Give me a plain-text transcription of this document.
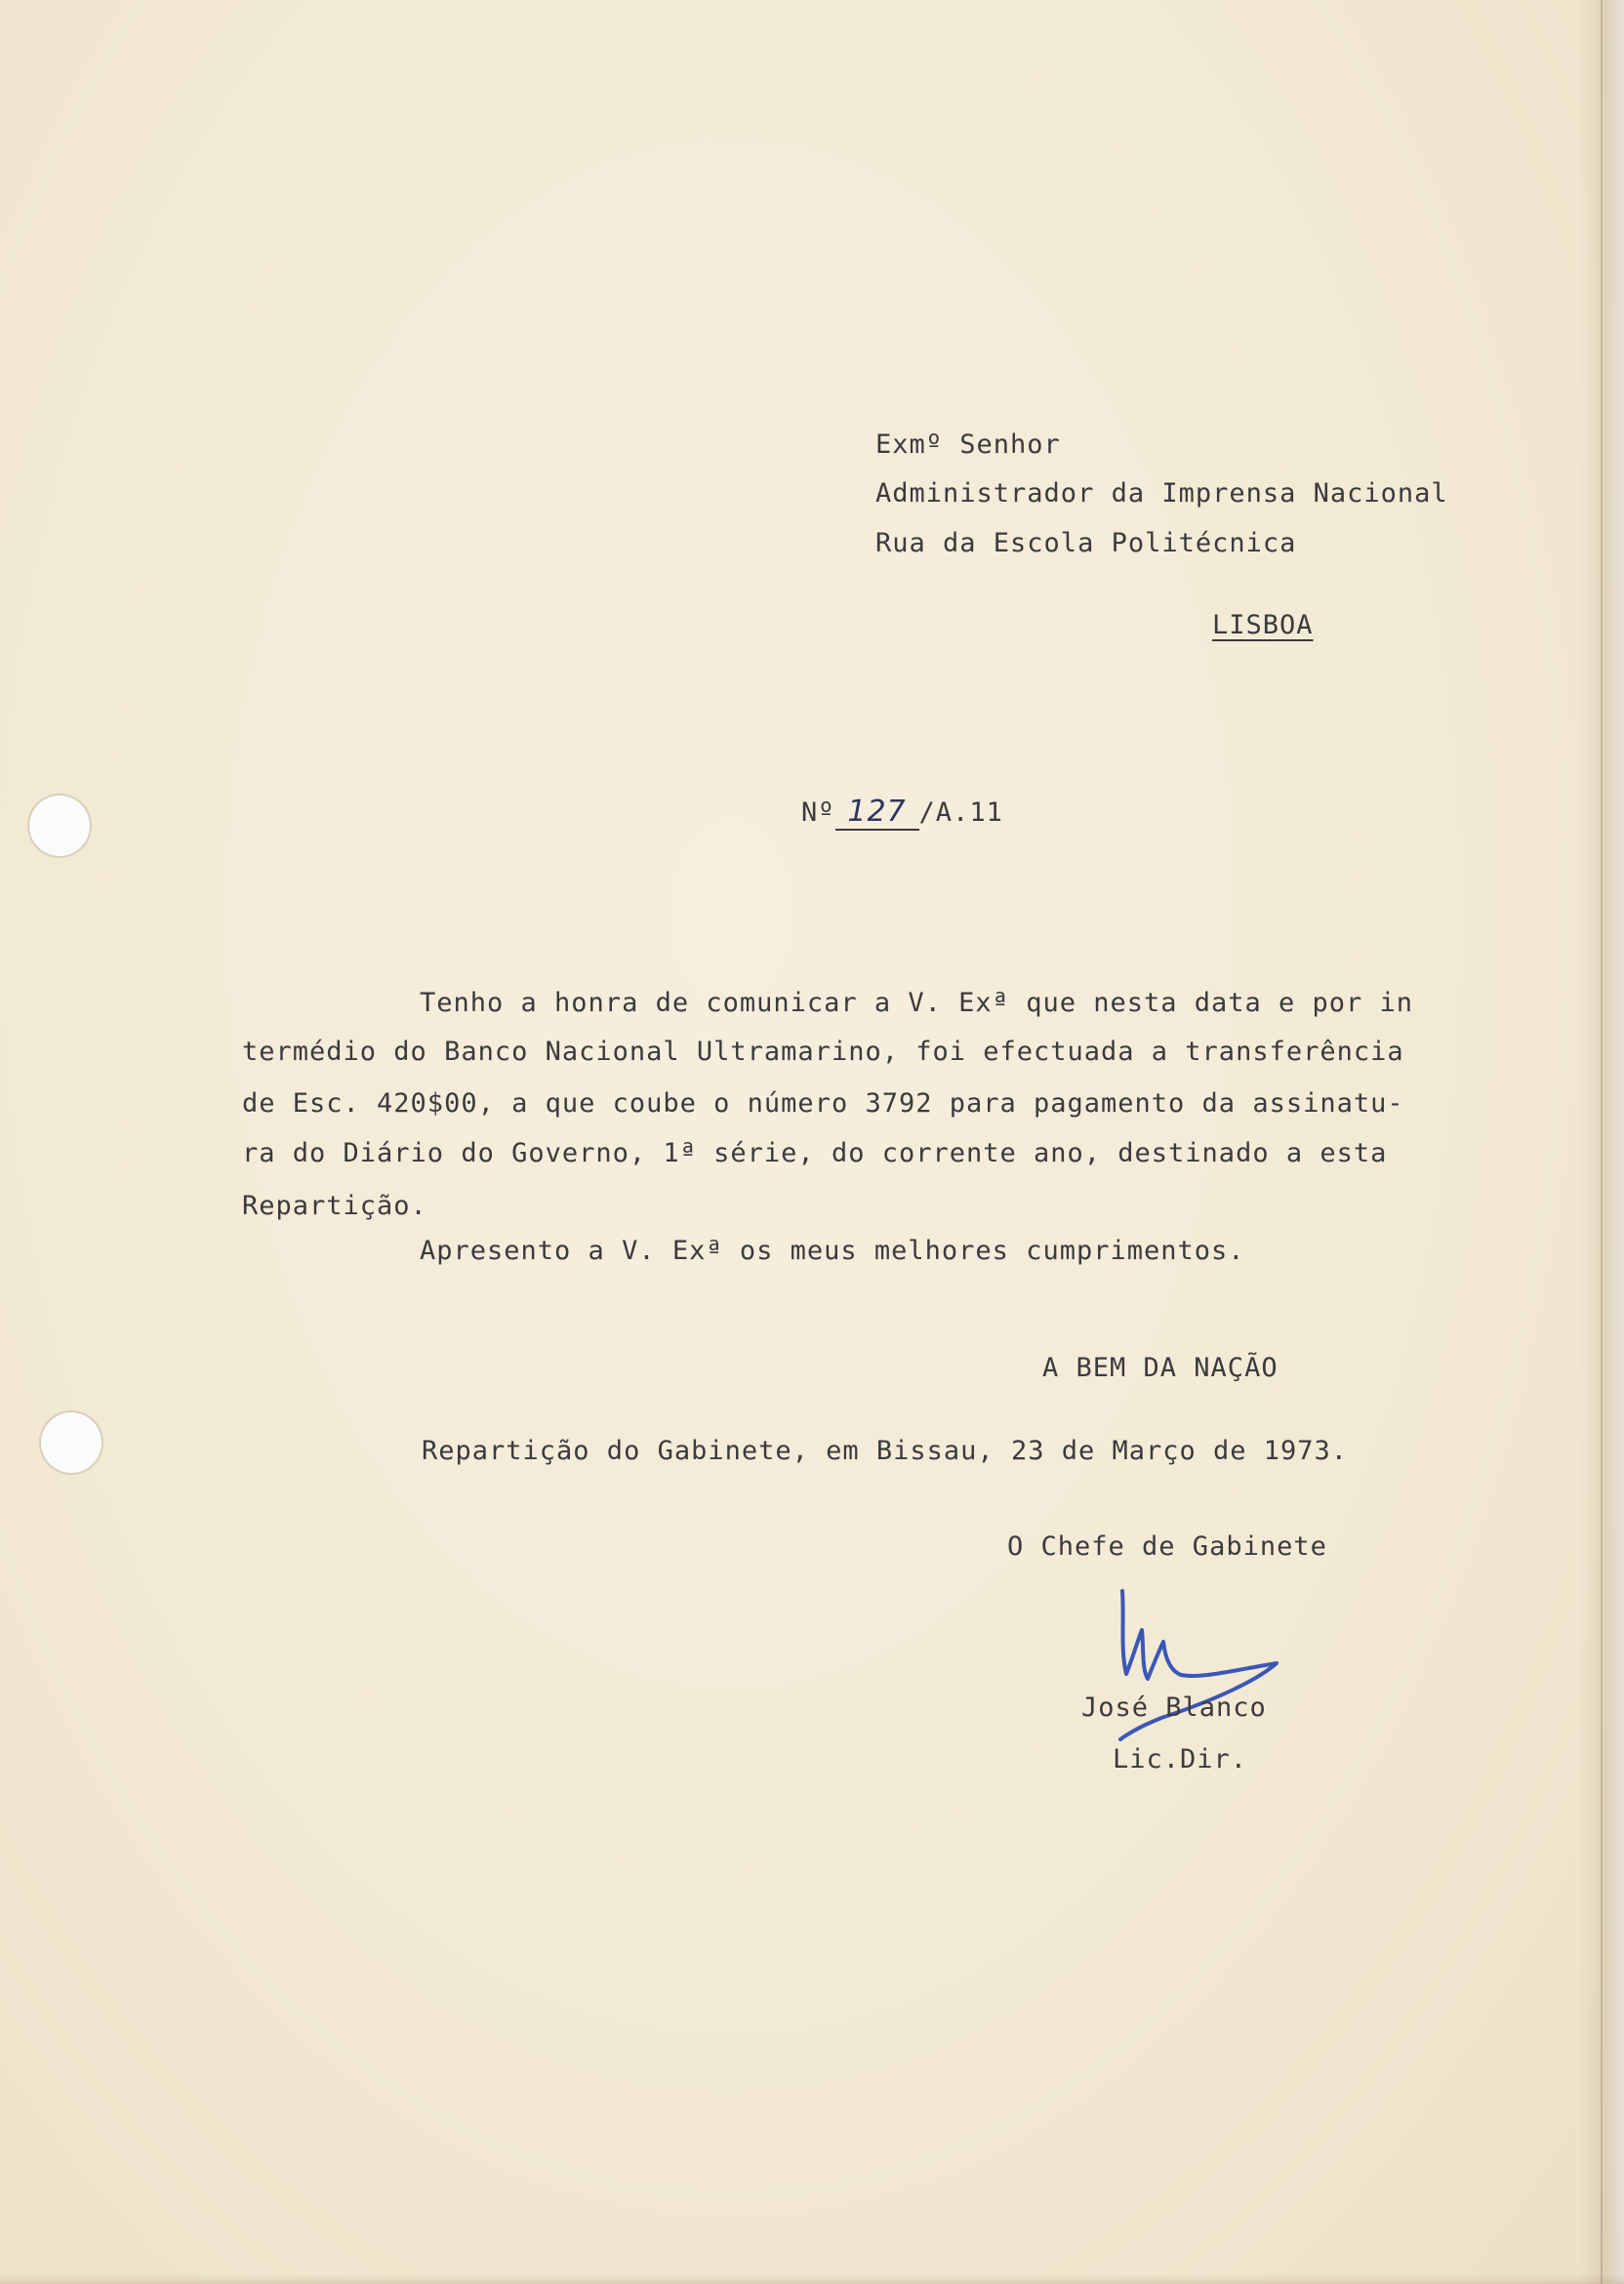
Exmº Senhor
Administrador da Imprensa Nacional
Rua da Escola Politécnica
LISBOA

Nº 127 /A.11

Tenho a honra de comunicar a V. Exª que nesta data e por in
termédio do Banco Nacional Ultramarino, foi efectuada a transferência
de Esc. 420$00, a que coube o número 3792 para pagamento da assinatu-
ra do Diário do Governo, 1ª série, do corrente ano, destinado a esta
Repartição.
Apresento a V. Exª os meus melhores cumprimentos.
A BEM DA NAÇÃO
Repartição do Gabinete, em Bissau, 23 de Março de 1973.
O Chefe de Gabinete
José Blanco
Lic.Dir.
